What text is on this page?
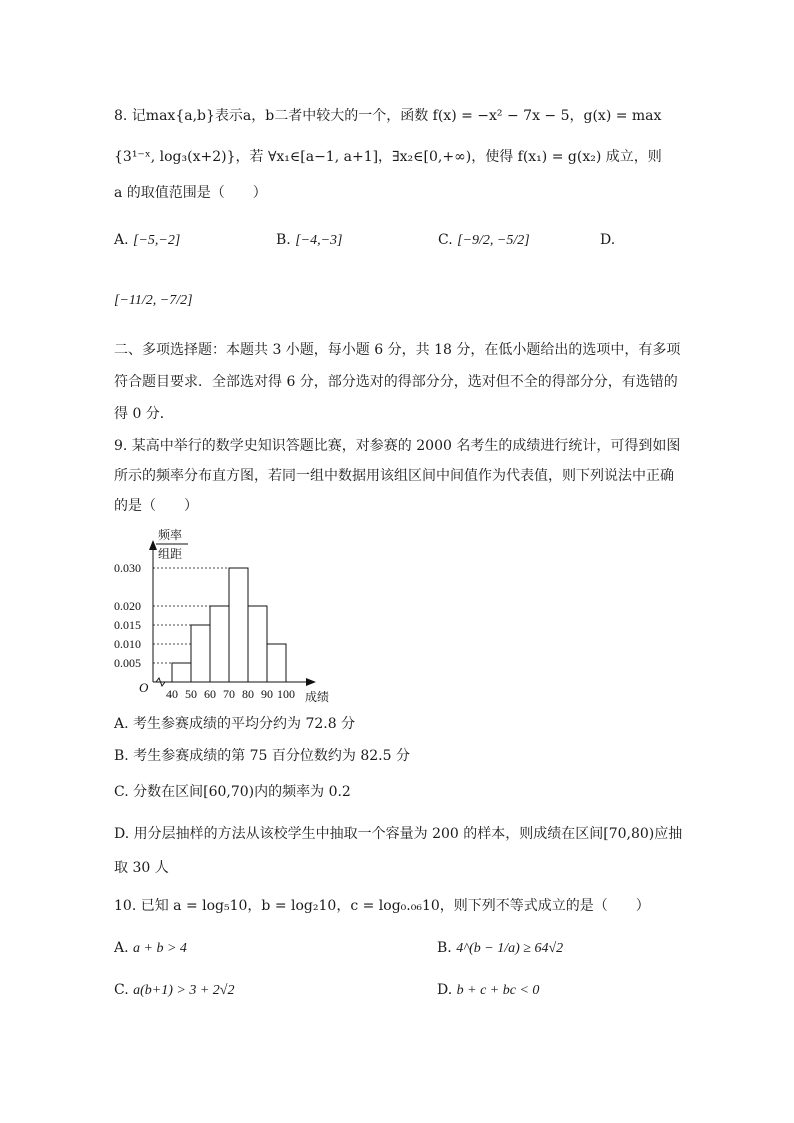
8. 记max{a,b}表示a，b二者中较大的一个，函数 f(x) = −x² − 7x − 5，g(x) = max
{3¹⁻ˣ, log₃(x+2)}，若 ∀x₁∈[a−1, a+1]，∃x₂∈[0,+∞)，使得 f(x₁) = g(x₂) 成立，则
a 的取值范围是（　　）
A. [−5,−2]	B. [−4,−3]	C. [−9/2, −5/2]	D.
[−11/2, −7/2]
二、多项选择题：本题共 3 小题，每小题 6 分，共 18 分，在低小题给出的选项中，有多项
符合题目要求．全部选对得 6 分，部分选对的得部分分，选对但不全的得部分分，有选错的
得 0 分．
9. 某高中举行的数学史知识答题比赛，对参赛的 2000 名考生的成绩进行统计，可得到如图
所示的频率分布直方图，若同一组中数据用该组区间中间值作为代表值，则下列说法中正确
的是（　　）
频率
组距
O
成绩
0.030
0.020
0.015
0.010
0.005
40 50 60 70 80 90 100
A. 考生参赛成绩的平均分约为 72.8 分
B. 考生参赛成绩的第 75 百分位数约为 82.5 分
C. 分数在区间[60,70)内的频率为 0.2
D. 用分层抽样的方法从该校学生中抽取一个容量为 200 的样本，则成绩在区间[70,80)应抽
取 30 人
10. 已知 a = log₅10，b = log₂10，c = log₀.₀₆10，则下列不等式成立的是（　　）
A. a + b > 4	B. 4^(b − 1/a) ≥ 64√2
C. a(b+1) > 3 + 2√2	D. b + c + bc < 0
